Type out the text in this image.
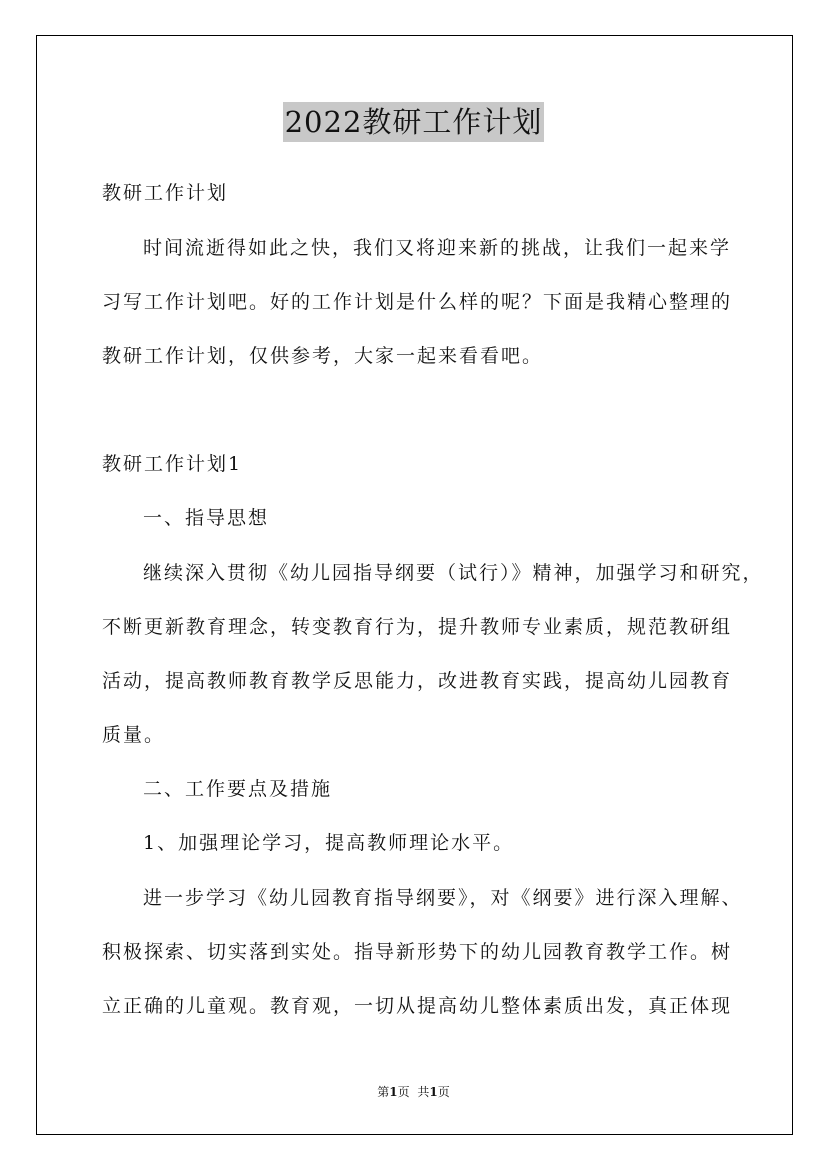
2022教研工作计划
教研工作计划
时间流逝得如此之快，我们又将迎来新的挑战，让我们一起来学
习写工作计划吧。好的工作计划是什么样的呢？下面是我精心整理的
教研工作计划，仅供参考，大家一起来看看吧。
教研工作计划1
一、指导思想
继续深入贯彻《幼儿园指导纲要（试行）》精神，加强学习和研究，
不断更新教育理念，转变教育行为，提升教师专业素质，规范教研组
活动，提高教师教育教学反思能力，改进教育实践，提高幼儿园教育
质量。
二、工作要点及措施
1、加强理论学习，提高教师理论水平。
进一步学习《幼儿园教育指导纲要》，对《纲要》进行深入理解、
积极探索、切实落到实处。指导新形势下的幼儿园教育教学工作。树
立正确的儿童观。教育观，一切从提高幼儿整体素质出发，真正体现
第1页 共1页
